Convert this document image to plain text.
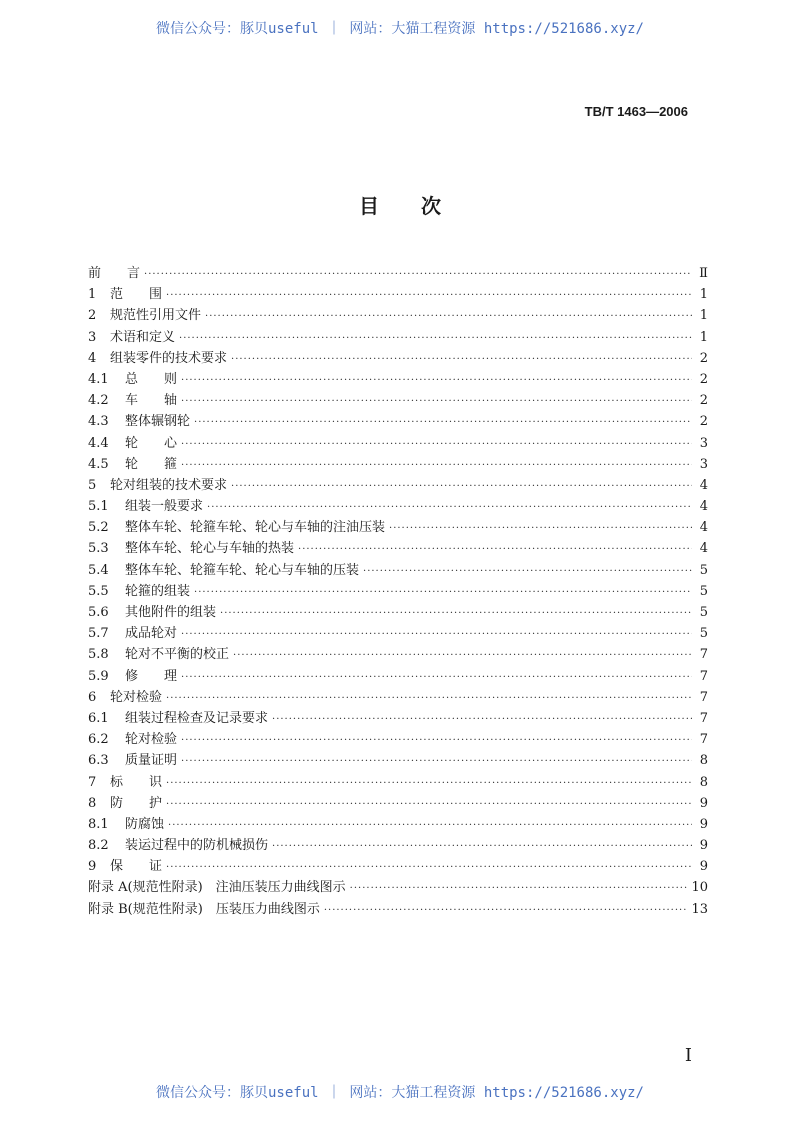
微信公众号：豚贝useful ｜ 网站：大猫工程资源 https://521686.xyz/
TB/T 1463—2006
目次
前　　言 ·····	Ⅱ
1	范　　围 ·····	1
2	规范性引用文件 ·····	1
3	术语和定义 ·····	1
4	组装零件的技术要求 ·····	2
4.1	总　　则 ·····	2
4.2	车　　轴 ·····	2
4.3	整体辗钢轮 ·····	2
4.4	轮　　心 ·····	3
4.5	轮　　箍 ·····	3
5	轮对组装的技术要求 ·····	4
5.1	组装一般要求 ·····	4
5.2	整体车轮、轮箍车轮、轮心与车轴的注油压装 ·····	4
5.3	整体车轮、轮心与车轴的热装 ·····	4
5.4	整体车轮、轮箍车轮、轮心与车轴的压装 ·····	5
5.5	轮箍的组装 ·····	5
5.6	其他附件的组装 ·····	5
5.7	成品轮对 ·····	5
5.8	轮对不平衡的校正 ·····	7
5.9	修　　理 ·····	7
6	轮对检验 ·····	7
6.1	组装过程检查及记录要求 ·····	7
6.2	轮对检验 ·····	7
6.3	质量证明 ·····	8
7	标　　识 ·····	8
8	防　　护 ·····	9
8.1	防腐蚀 ·····	9
8.2	装运过程中的防机械损伤 ·····	9
9	保　　证 ·····	9
附录 A(规范性附录)　注油压装压力曲线图示 ·····	10
附录 B(规范性附录)　压装压力曲线图示 ·····	13
I
微信公众号：豚贝useful ｜ 网站：大猫工程资源 https://521686.xyz/
